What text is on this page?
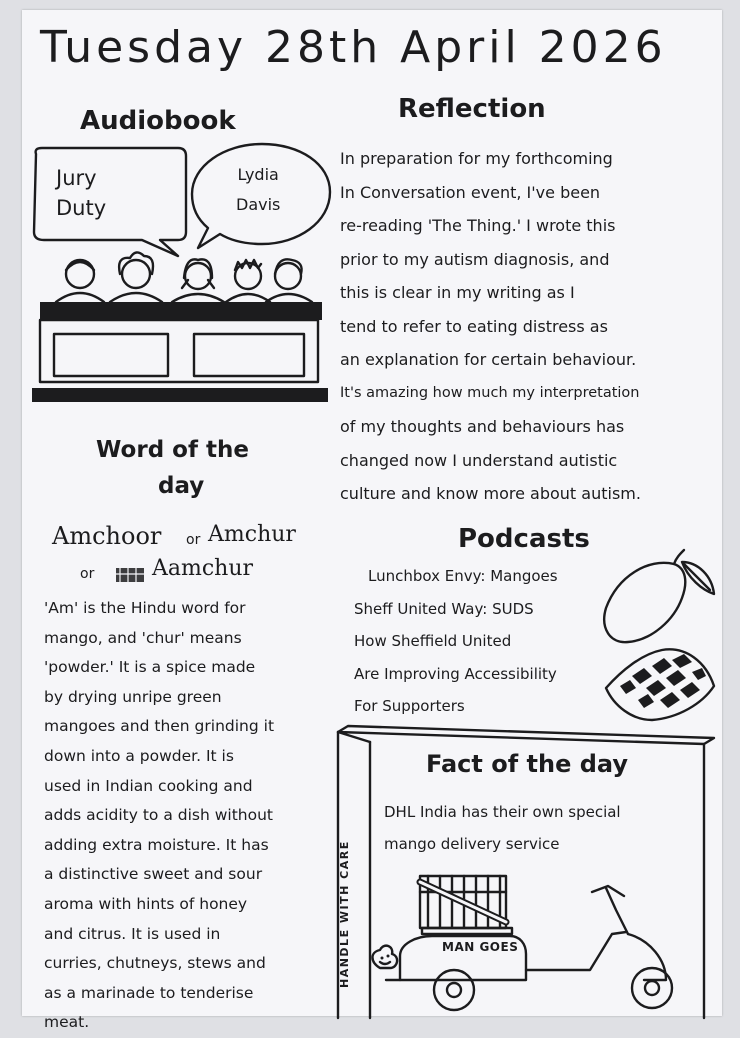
Tuesday 28th April 2026
Audiobook
Jury
Duty
Lydia
Davis
Reflection
In preparation for my forthcoming
In Conversation event, I've been
re-reading 'The Thing.' I wrote this
prior to my autism diagnosis, and
this is clear in my writing as I
tend to refer to eating distress as
an explanation for certain behaviour.
It's amazing how much my interpretation
of my thoughts and behaviours has
changed now I understand autistic
culture and know more about autism.
Word of the
day
Amchoor or Amchur
or	Aamchur
'Am' is the Hindu word for
mango, and 'chur' means
'powder.' It is a spice made
by drying unripe green
mangoes and then grinding it
down into a powder. It is
used in Indian cooking and
adds acidity to a dish without
adding extra moisture. It has
a distinctive sweet and sour
aroma with hints of honey
and citrus. It is used in
curries, chutneys, stews and
as a marinade to tenderise
meat.
Podcasts
Lunchbox Envy: Mangoes
Sheff United Way: SUDS
How Sheffield United
Are Improving Accessibility
For Supporters
HANDLE WITH CARE
Fact of the day
DHL India has their own special
mango delivery service
MAN GOES
